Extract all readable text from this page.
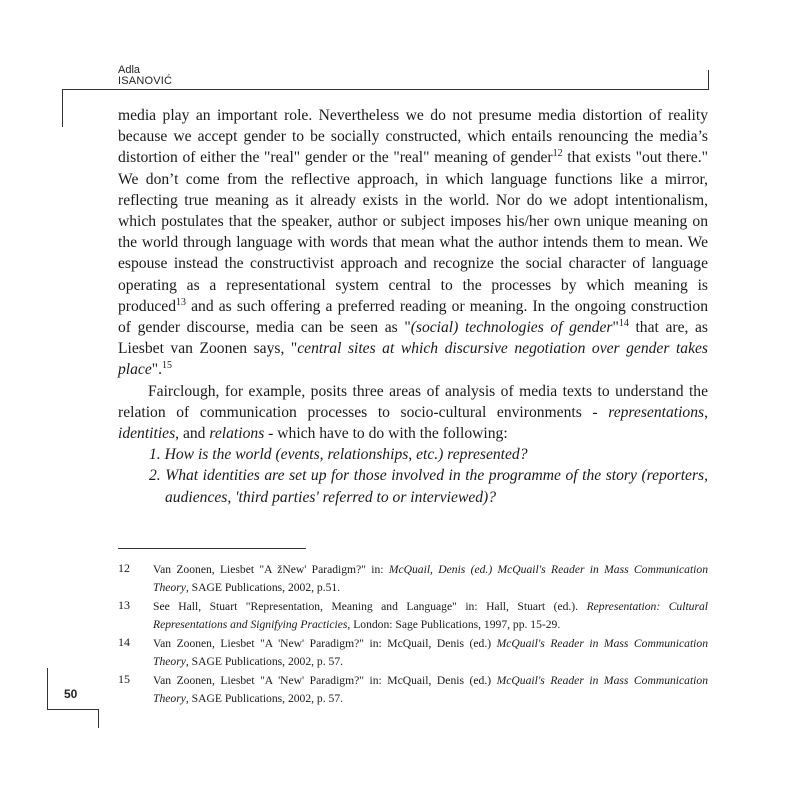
Adla
ISANOVIĆ

media play an important role. Nevertheless we do not presume media distortion of reality because we accept gender to be socially constructed, which entails renouncing the media’s distortion of either the "real" gender or the "real" meaning of gender$^{12}$ that exists "out there." We don’t come from the reflective approach, in which language functions like a mirror, reflecting true meaning as it already exists in the world. Nor do we adopt intentionalism, which postulates that the speaker, author or subject imposes his/her own unique meaning on the world through language with words that mean what the author intends them to mean. We espouse instead the constructivist approach and recognize the social character of language operating as a representational system central to the processes by which meaning is produced$^{13}$ and as such offering a preferred reading or meaning. In the ongoing construction of gender discourse, media can be seen as "(social) technologies of gender"$^{14}$ that are, as Liesbet van Zoonen says, "central sites at which discursive negotiation over gender takes place".$^{15}$

Fairclough, for example, posits three areas of analysis of media texts to understand the relation of communication processes to socio-cultural environments - representations, identities, and relations - which have to do with the following:

1. How is the world (events, relationships, etc.) represented?

2. What identities are set up for those involved in the programme of the story (reporters, audiences, 'third parties' referred to or interviewed)?

12 Van Zoonen, Liesbet "A žNew' Paradigm?" in: McQuail, Denis (ed.) McQuail's Reader in Mass Communication Theory, SAGE Publications, 2002, p.51.
13 See Hall, Stuart "Representation, Meaning and Language" in: Hall, Stuart (ed.). Representation: Cultural Representations and Signifying Practicies, London: Sage Publications, 1997, pp. 15-29.
14 Van Zoonen, Liesbet "A 'New' Paradigm?" in: McQuail, Denis (ed.) McQuail's Reader in Mass Communication Theory, SAGE Publications, 2002, p. 57.
15 Van Zoonen, Liesbet "A 'New' Paradigm?" in: McQuail, Denis (ed.) McQuail's Reader in Mass Communication Theory, SAGE Publications, 2002, p. 57.
50
